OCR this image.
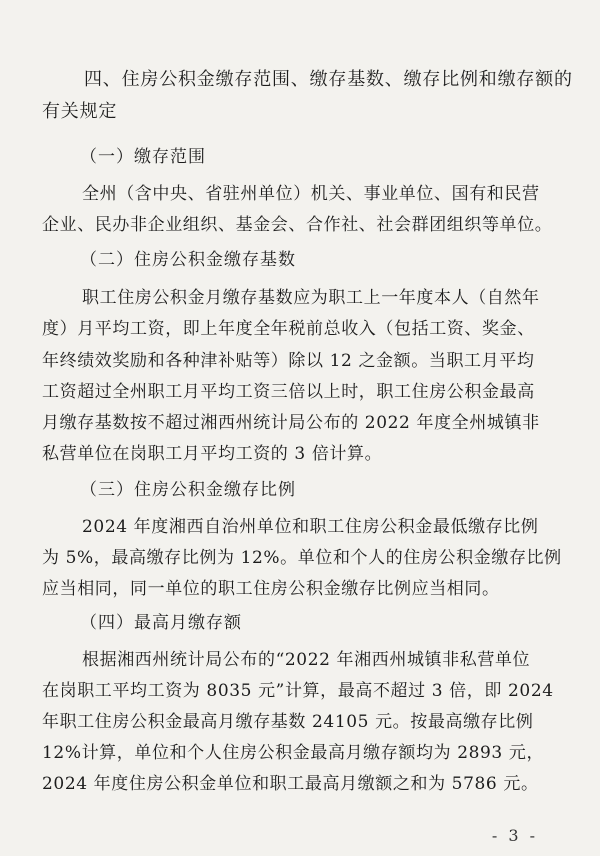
四、住房公积金缴存范围、缴存基数、缴存比例和缴存额的
有关规定
（一）缴存范围
全州（含中央、省驻州单位）机关、事业单位、国有和民营
企业、民办非企业组织、基金会、合作社、社会群团组织等单位。
（二）住房公积金缴存基数
职工住房公积金月缴存基数应为职工上一年度本人（自然年
度）月平均工资，即上年度全年税前总收入（包括工资、奖金、
年终绩效奖励和各种津补贴等）除以 12 之金额。当职工月平均
工资超过全州职工月平均工资三倍以上时，职工住房公积金最高
月缴存基数按不超过湘西州统计局公布的 2022 年度全州城镇非
私营单位在岗职工月平均工资的 3 倍计算。
（三）住房公积金缴存比例
2024 年度湘西自治州单位和职工住房公积金最低缴存比例
为 5%，最高缴存比例为 12%。单位和个人的住房公积金缴存比例
应当相同，同一单位的职工住房公积金缴存比例应当相同。
（四）最高月缴存额
根据湘西州统计局公布的“2022 年湘西州城镇非私营单位
在岗职工平均工资为 8035 元”计算，最高不超过 3 倍，即 2024
年职工住房公积金最高月缴存基数 24105 元。按最高缴存比例
12%计算，单位和个人住房公积金最高月缴存额均为 2893 元，
2024 年度住房公积金单位和职工最高月缴额之和为 5786 元。
- 3 -
